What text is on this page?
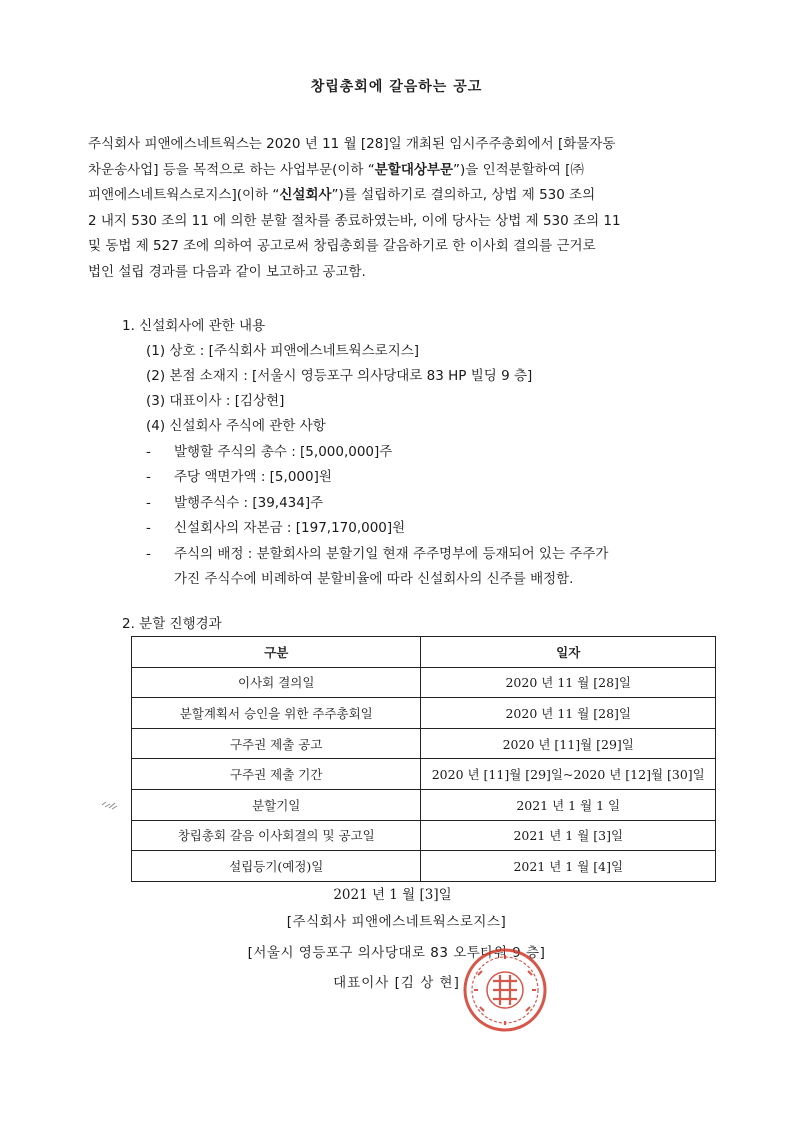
창립총회에 갈음하는 공고
주식회사 피앤에스네트웍스는 2020 년 11 월 [28]일 개최된 임시주주총회에서 [화물자동
차운송사업] 등을 목적으로 하는 사업부문(이하 “분할대상부문”)을 인적분할하여 [㈜
피앤에스네트웍스로지스](이하 “신설회사”)를 설립하기로 결의하고, 상법 제 530 조의
2 내지 530 조의 11 에 의한 분할 절차를 종료하였는바, 이에 당사는 상법 제 530 조의 11
및 동법 제 527 조에 의하여 공고로써 창립총회를 갈음하기로 한 이사회 결의를 근거로
법인 설립 경과를 다음과 같이 보고하고 공고함.
1. 신설회사에 관한 내용
(1) 상호 : [주식회사 피앤에스네트웍스로지스]
(2) 본점 소재지 : [서울시 영등포구 의사당대로 83 HP 빌딩 9 층]
(3) 대표이사 : [김상현]
(4) 신설회사 주식에 관한 사항
- 발행할 주식의 총수 : [5,000,000]주
- 주당 액면가액 : [5,000]원
- 발행주식수 : [39,434]주
- 신설회사의 자본금 : [197,170,000]원
- 주식의 배정 : 분할회사의 분할기일 현재 주주명부에 등재되어 있는 주주가
가진 주식수에 비례하여 분할비율에 따라 신설회사의 신주를 배정함.
2. 분할 진행경과
구분	일자
이사회 결의일	2020 년 11 월 [28]일
분할계획서 승인을 위한 주주총회일	2020 년 11 월 [28]일
구주권 제출 공고	2020 년 [11]월 [29]일
구주권 제출 기간	2020 년 [11]월 [29]일~2020 년 [12]월 [30]일
분할기일	2021 년 1 월 1 일
창립총회 갈음 이사회결의 및 공고일	2021 년 1 월 [3]일
설립등기(예정)일	2021 년 1 월 [4]일
2021 년 1 월 [3]일
[주식회사 피앤에스네트웍스로지스]
[서울시 영등포구 의사당대로 83 오투타워 9 층]
대표이사 [김 상 현]
